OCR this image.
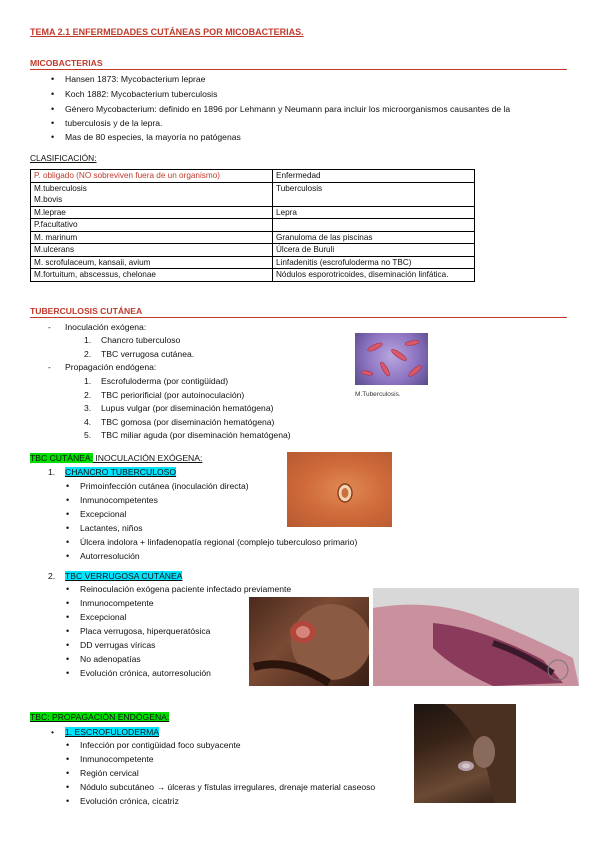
TEMA 2.1 ENFERMEDADES CUTÁNEAS POR MICOBACTERIAS.
MICOBACTERIAS
• Hansen 1873: Mycobacterium leprae
• Koch 1882: Mycobacterium tuberculosis
• Género Mycobacterium: definido en 1896 por Lehmann y Neumann para incluir los microorganismos causantes de la
• tuberculosis y de la lepra.
• Mas de 80 especies, la mayoría no patógenas
CLASIFICACIÓN:
P. obligado (NO sobreviven fuera de un organismo)	Enfermedad
M.tuberculosis
M.bovis	Tuberculosis
M.leprae	Lepra
P.facultativo	
M. marinum	Granuloma de las piscinas
M.ulcerans	Úlcera de Buruli
M. scrofulaceum, kansaii, avium	Linfadenitis (escrofuloderma no TBC)
M.fortuitum, abscessus, chelonae	Nódulos esporotricoides, diseminación linfática.
TUBERCULOSIS CUTÁNEA
- Inoculación exógena:
1. Chancro tuberculoso
2. TBC verrugosa cutánea.
- Propagación endógena:
1. Escrofuloderma (por contigüidad)
2. TBC periorificial (por autoinoculación)
3. Lupus vulgar (por diseminación hematógena)
4. TBC gomosa (por diseminación hematógena)
5. TBC miliar aguda (por diseminación hematógena)
M.Tuberculosis.
TBC CUTÁNEA: INOCULACIÓN EXÓGENA:
1. CHANCRO TUBERCULOSO
• Primoinfección cutánea (inoculación directa)
• Inmunocompetentes
• Excepcional
• Lactantes, niños
• Úlcera indolora + linfadenopatía regional (complejo tuberculoso primario)
• Autorresolución
2. TBC VERRUGOSA CUTÁNEA
• Reinoculación exógena paciente infectado previamente
• Inmunocompetente
• Excepcional
• Placa verrugosa, hiperqueratósica
• DD verrugas víricas
• No adenopatías
• Evolución crónica, autorresolución
TBC: PROPAGACIÓN ENDÓGENA:
• 1. ESCROFULODERMA
• Infección por contigüidad foco subyacente
• Inmunocompetente
• Región cervical
• Nódulo subcutáneo → úlceras y fístulas irregulares, drenaje material caseoso
• Evolución crónica, cicatriz
